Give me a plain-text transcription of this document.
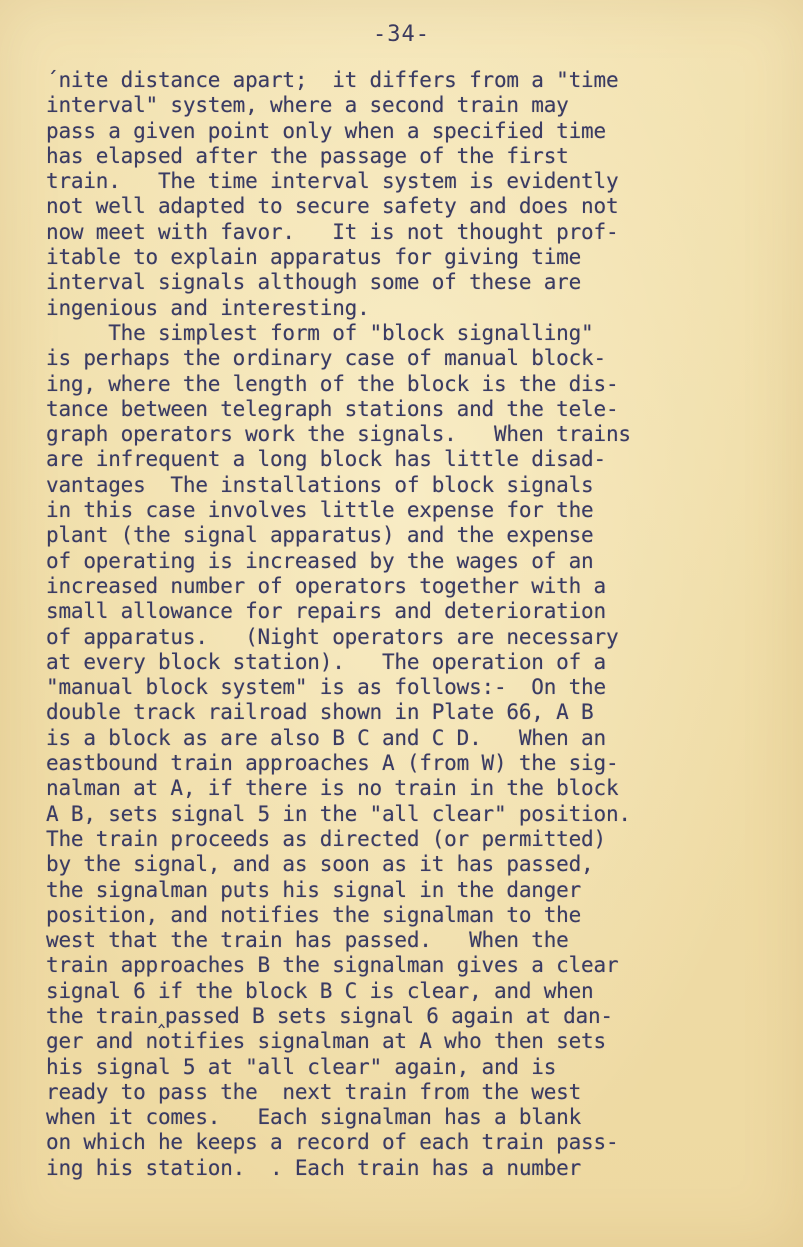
-34-
´nite distance apart;  it differs from a "time
interval" system, where a second train may
pass a given point only when a specified time
has elapsed after the passage of the first
train.   The time interval system is evidently
not well adapted to secure safety and does not
now meet with favor.   It is not thought prof-
itable to explain apparatus for giving time
interval signals although some of these are
ingenious and interesting.
The simplest form of "block signalling"
is perhaps the ordinary case of manual block-
ing, where the length of the block is the dis-
tance between telegraph stations and the tele-
graph operators work the signals.   When trains
are infrequent a long block has little disad-
vantages  The installations of block signals
in this case involves little expense for the
plant (the signal apparatus) and the expense
of operating is increased by the wages of an
increased number of operators together with a
small allowance for repairs and deterioration
of apparatus.   (Night operators are necessary
at every block station).   The operation of a
"manual block system" is as follows:-  On the
double track railroad shown in Plate 66, A B
is a block as are also B C and C D.   When an
eastbound train approaches A (from W) the sig-
nalman at A, if there is no train in the block
A B, sets signal 5 in the "all clear" position.
The train proceeds as directed (or permitted)
by the signal, and as soon as it has passed,
the signalman puts his signal in the danger
position, and notifies the signalman to the
west that the train has passed.   When the
train approaches B the signalman gives a clear
signal 6 if the block B C is clear, and when
the train‸passed B sets signal 6 again at dan-
ger and notifies signalman at A who then sets
his signal 5 at "all clear" again, and is
ready to pass the  next train from the west
when it comes.   Each signalman has a blank
on which he keeps a record of each train pass-
ing his station.  . Each train has a number
